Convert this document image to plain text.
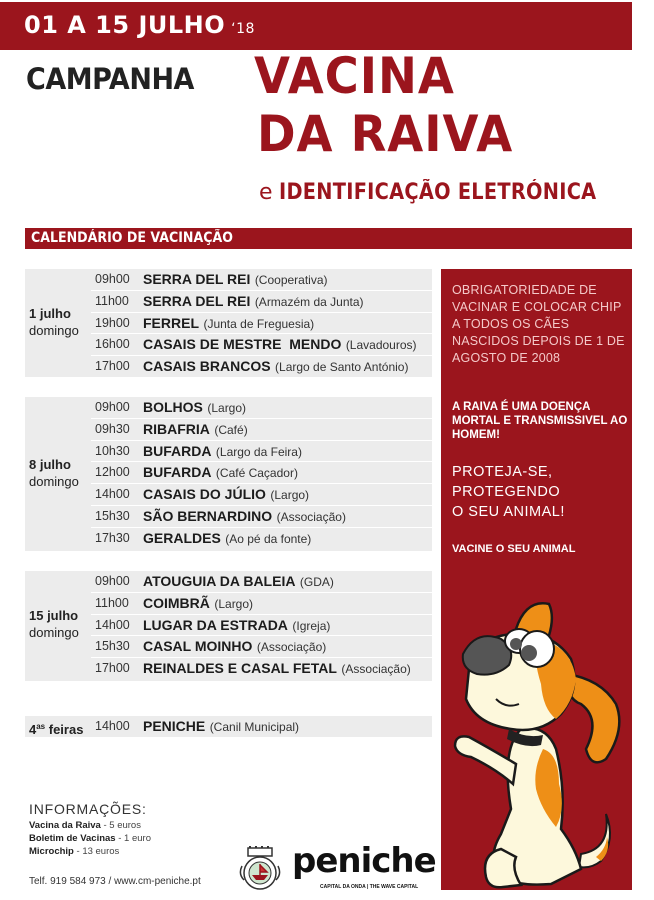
01 A 15 JULHO ‘18
CAMPANHA VACINA
DA RAIVA
e IDENTIFICAÇÃO ELETRÓNICA
CALENDÁRIO DE VACINAÇÃO
1 julho
domingo
09h00 SERRA DEL REI (Cooperativa)
11h00 SERRA DEL REI (Armazém da Junta)
19h00 FERREL (Junta de Freguesia)
16h00 CASAIS DE MESTRE  MENDO (Lavadouros)
17h00 CASAIS BRANCOS (Largo de Santo António)
8 julho
domingo
09h00 BOLHOS (Largo)
09h30 RIBAFRIA (Café)
10h30 BUFARDA (Largo da Feira)
12h00 BUFARDA (Café Caçador)
14h00 CASAIS DO JÚLIO (Largo)
15h30 SÃO BERNARDINO (Associação)
17h30 GERALDES (Ao pé da fonte)
15 julho
domingo
09h00 ATOUGUIA DA BALEIA (GDA)
11h00 COIMBRÃ (Largo)
14h00 LUGAR DA ESTRADA (Igreja)
15h30 CASAL MOINHO (Associação)
17h00 REINALDES E CASAL FETAL (Associação)
$4^{as}$ feiras 14h00 PENICHE (Canil Municipal)
OBRIGATORIEDADE DE VACINAR E COLOCAR CHIP A TODOS OS CÃES NASCIDOS DEPOIS DE 1 DE AGOSTO DE 2008
A RAIVA É UMA DOENÇA MORTAL E TRANSMISSIVEL AO HOMEM!
PROTEJA-SE,
PROTEGENDO
O SEU ANIMAL!
VACINE O SEU ANIMAL
INFORMAÇÕES:
Vacina da Raiva - 5 euros
Boletim de Vacinas - 1 euro
Microchip - 13 euros
Telf. 919 584 973 / www.cm-peniche.pt
peniche
CAPITAL DA ONDA | THE WAVE CAPITAL
